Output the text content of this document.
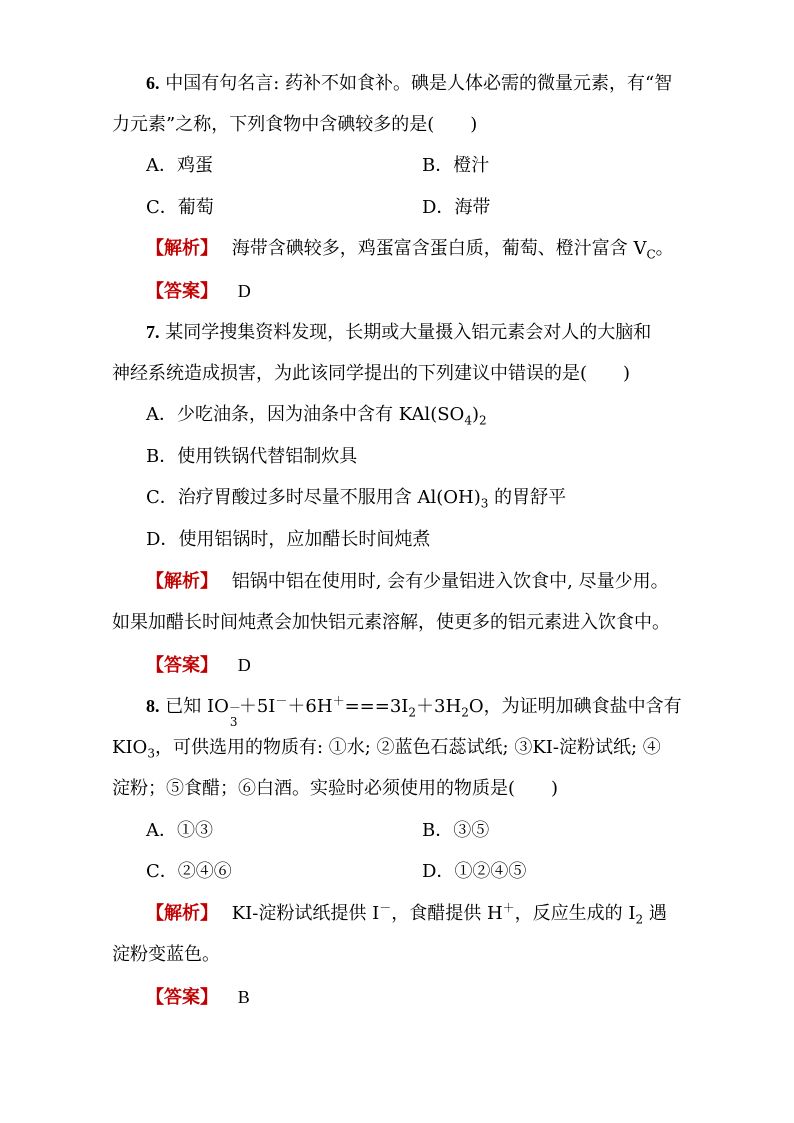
6. 中国有句名言: 药补不如食补。碘是人体必需的微量元素，有“智
力元素”之称，下列食物中含碘较多的是(　　)
A．鸡蛋	B．橙汁
C．葡萄	D．海带
【解析】 海带含碘较多，鸡蛋富含蛋白质，葡萄、橙汁富含 $V_C$。
【答案】 D
7. 某同学搜集资料发现，长期或大量摄入铝元素会对人的大脑和
神经系统造成损害，为此该同学提出的下列建议中错误的是(　　)
A．少吃油条，因为油条中含有 $KAl(SO_4)_2$
B．使用铁锅代替铝制炊具
C．治疗胃酸过多时尽量不服用含 $Al(OH)_3$ 的胃舒平
D．使用铝锅时，应加醋长时间炖煮
【解析】 铝锅中铝在使用时, 会有少量铝进入饮食中, 尽量少用。
如果加醋长时间炖煮会加快铝元素溶解，使更多的铝元素进入饮食中。
【答案】 D
8. 已知 IO －
3
$+5I^-+6H^+===3I_2+3H_2O$，为证明加碘食盐中含有
$KIO_3$，可供选用的物质有: ①水; ②蓝色石蕊试纸; ③KI-淀粉试纸; ④
淀粉；⑤食醋；⑥白酒。实验时必须使用的物质是(　　)
A．①③	B．③⑤
C．②④⑥	D．①②④⑤
【解析】 KI-淀粉试纸提供 I－，食醋提供 H＋，反应生成的 $I_2$ 遇
淀粉变蓝色。
【答案】 B
